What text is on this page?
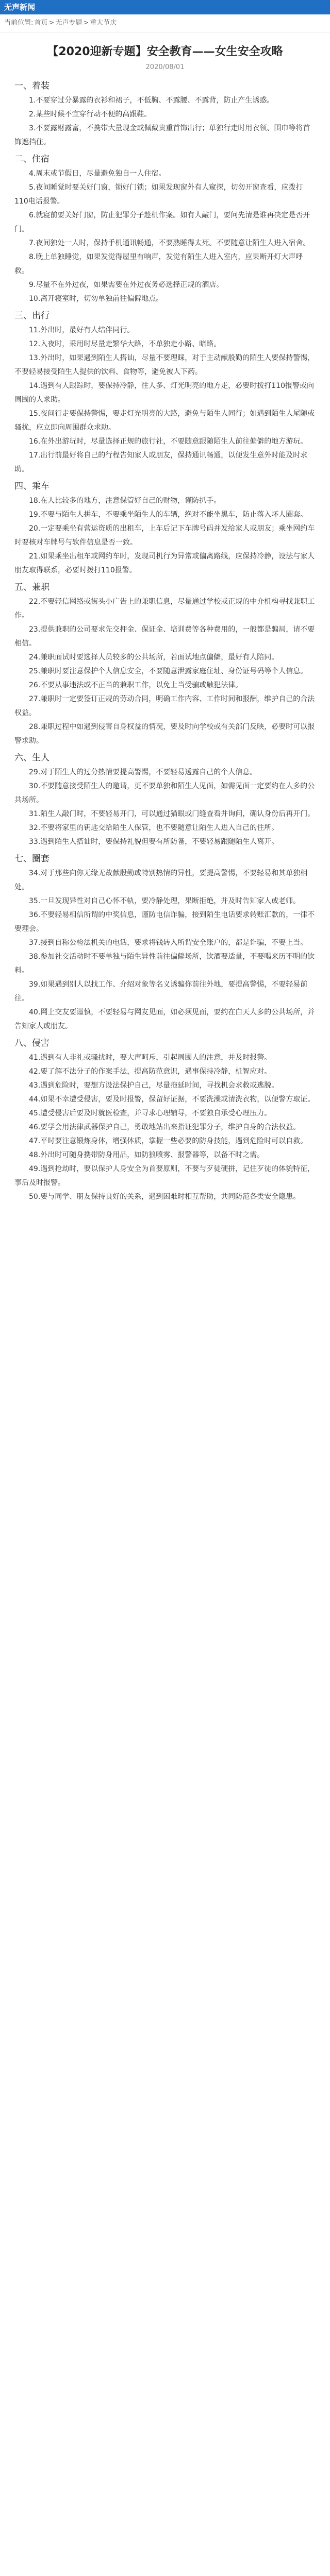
无声新闻
当前位置: 首页 > 无声专题 > 重大节庆
【2020迎新专题】安全教育——女生安全攻略
2020/08/01
一、着装

1.不要穿过分暴露的衣衫和裙子，不低胸、不露腰、不露背，防止产生诱惑。

2.某些时候不宜穿行动不便的高跟鞋。

3.不要露财露富，不携带大量现金或佩戴贵重首饰出行；单独行走时用衣领、围巾等将首饰遮挡住。

二、住宿

4.周末或节假日，尽量避免独自一人住宿。

5.夜间睡觉时要关好门窗，锁好门锁；如果发现窗外有人窥探，切勿开窗查看，应拨打110电话报警。

6.就寝前要关好门窗，防止犯罪分子趁机作案。如有人敲门，要问先清是谁再决定是否开门。

7.夜间独处一人时，保持手机通讯畅通，不要熟睡得太死。不要随意让陌生人进入宿舍。

8.晚上单独睡觉，如果发觉得屋里有响声，发觉有陌生人进入室内，应果断开灯大声呼救。

9.尽量不在外过夜，如果需要在外过夜务必选择正规的酒店。

10.离开寝室时，切勿单独前往偏僻地点。

三、出行

11.外出时，最好有人结伴同行。

12.入夜时，采用时尽量走繁华大路，不单独走小路、暗路。

13.外出时，如果遇到陌生人搭讪，尽量不要理睬，对于主动献殷勤的陌生人要保持警惕，不要轻易接受陌生人提供的饮料、食物等，避免被人下药。

14.遇到有人跟踪时，要保持冷静，往人多、灯光明亮的地方走，必要时拨打110报警或向周围的人求助。

15.夜间行走要保持警惕，要走灯光明亮的大路，避免与陌生人同行；如遇到陌生人尾随或骚扰，应立即向周围群众求助。

16.在外出游玩时，尽量选择正规的旅行社，不要随意跟随陌生人前往偏僻的地方游玩。

17.出行前最好将自己的行程告知家人或朋友，保持通讯畅通，以便发生意外时能及时求助。

四、乘车

18.在人比较多的地方，注意保管好自己的财物，谨防扒手。

19.不要与陌生人拼车，不要乘坐陌生人的车辆，绝对不能坐黑车，防止落入坏人圈套。

20.一定要乘坐有营运资质的出租车，上车后记下车牌号码并发给家人或朋友；乘坐网约车时要核对车牌号与软件信息是否一致。

21.如果乘坐出租车或网约车时，发现司机行为异常或偏离路线，应保持冷静，设法与家人朋友取得联系，必要时拨打110报警。

五、兼职

22.不要轻信网络或街头小广告上的兼职信息，尽量通过学校或正规的中介机构寻找兼职工作。

23.提供兼职的公司要求先交押金、保证金、培训费等各种费用的，一般都是骗局，请不要相信。

24.兼职面试时要选择人员较多的公共场所，若面试地点偏僻，最好有人陪同。

25.兼职时要注意保护个人信息安全，不要随意泄露家庭住址、身份证号码等个人信息。

26.不要从事违法或不正当的兼职工作，以免上当受骗或触犯法律。

27.兼职时一定要签订正规的劳动合同，明确工作内容、工作时间和报酬，维护自己的合法权益。

28.兼职过程中如遇到侵害自身权益的情况，要及时向学校或有关部门反映，必要时可以报警求助。

六、生人

29.对于陌生人的过分热情要提高警惕，不要轻易透露自己的个人信息。

30.不要随意接受陌生人的邀请，更不要单独和陌生人见面，如需见面一定要约在人多的公共场所。

31.陌生人敲门时，不要轻易开门，可以通过猫眼或门缝查看并询问，确认身份后再开门。

32.不要将家里的钥匙交给陌生人保管，也不要随意让陌生人进入自己的住所。

33.遇到陌生人搭讪时，要保持礼貌但要有所防备，不要轻易跟随陌生人离开。

七、圈套

34.对于那些向你无缘无故献殷勤或特别热情的异性，要提高警惕，不要轻易和其单独相处。

35.一旦发现异性对自己心怀不轨，要冷静处理，果断拒绝，并及时告知家人或老师。

36.不要轻易相信所谓的中奖信息，谨防电信诈骗，接到陌生电话要求转账汇款的，一律不要理会。

37.接到自称公检法机关的电话，要求将钱转入所谓安全账户的，都是诈骗，不要上当。

38.参加社交活动时不要单独与陌生异性前往偏僻场所，饮酒要适量，不要喝来历不明的饮料。

39.如果遇到别人以找工作、介绍对象等名义诱骗你前往外地，要提高警惕，不要轻易前往。

40.网上交友要谨慎，不要轻易与网友见面，如必须见面，要约在白天人多的公共场所，并告知家人或朋友。

八、侵害

41.遇到有人非礼或骚扰时，要大声呵斥，引起周围人的注意，并及时报警。

42.要了解不法分子的作案手法，提高防范意识，遇事保持冷静，机智应对。

43.遇到危险时，要想方设法保护自己，尽量拖延时间，寻找机会求救或逃脱。

44.如果不幸遭受侵害，要及时报警，保留好证据，不要洗澡或清洗衣物，以便警方取证。

45.遭受侵害后要及时就医检查，并寻求心理辅导，不要独自承受心理压力。

46.要学会用法律武器保护自己，勇敢地站出来指证犯罪分子，维护自身的合法权益。

47.平时要注意锻炼身体，增强体质，掌握一些必要的防身技能，遇到危险时可以自救。

48.外出时可随身携带防身用品，如防狼喷雾、报警器等，以备不时之需。

49.遇到抢劫时，要以保护人身安全为首要原则，不要与歹徒硬拼，记住歹徒的体貌特征，事后及时报警。

50.要与同学、朋友保持良好的关系，遇到困难时相互帮助，共同防范各类安全隐患。
